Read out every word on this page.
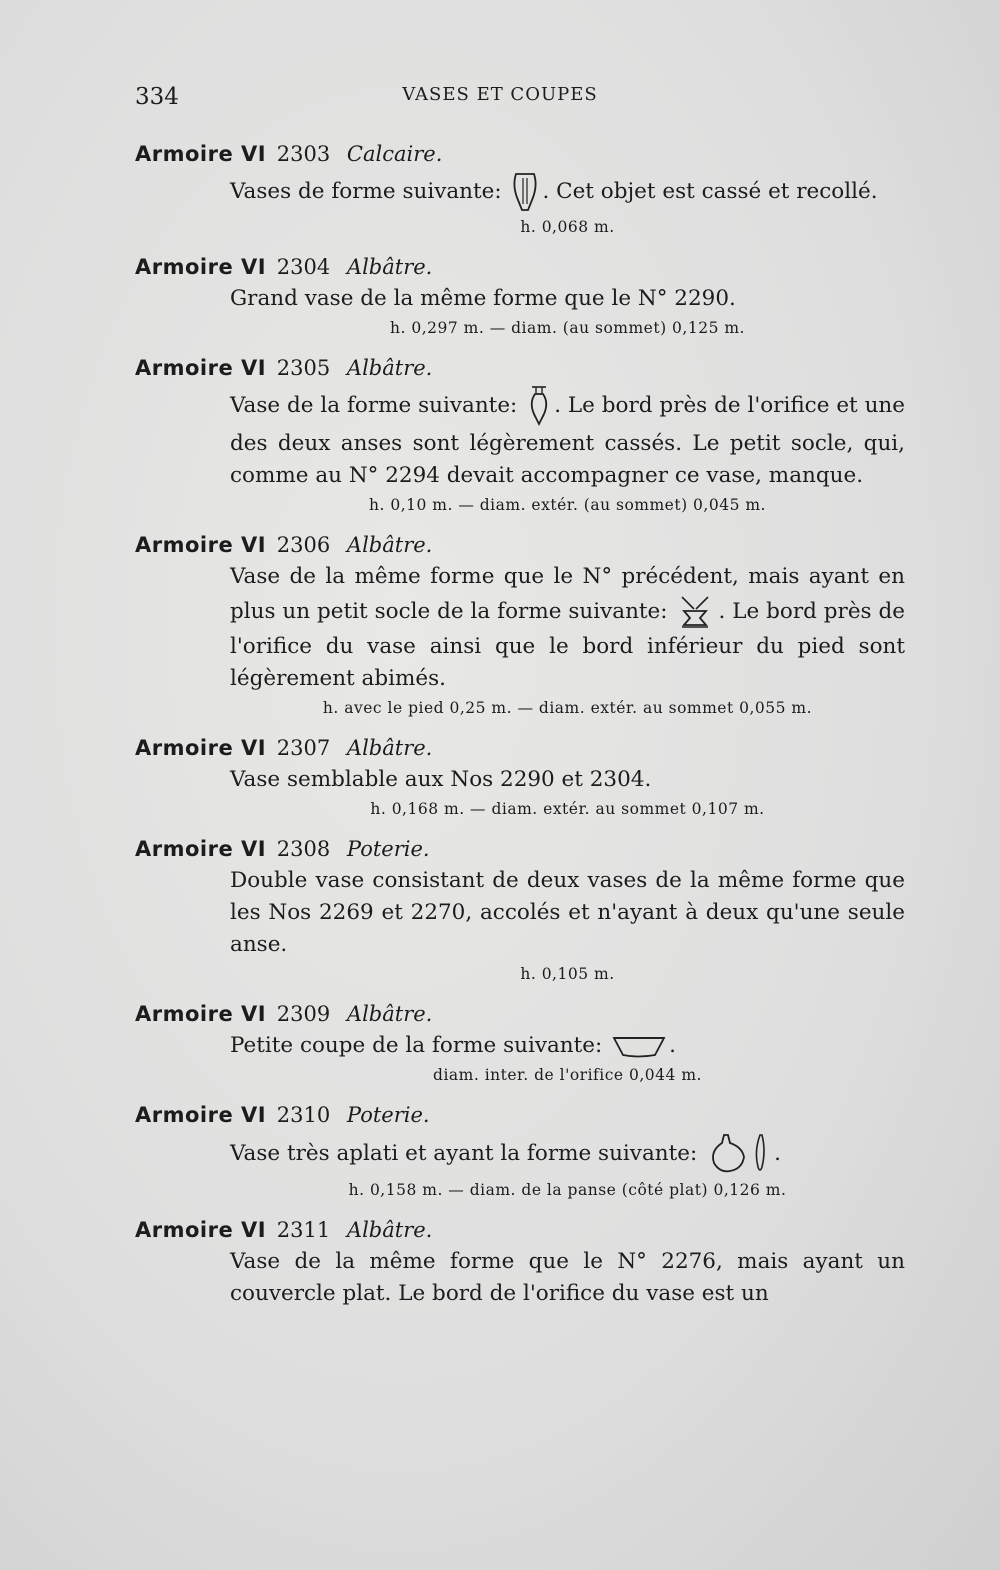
334	VASES ET COUPES
Armoire VI 2303 Calcaire.
Vases de forme suivante: . Cet objet est cassé et recollé.
h. 0,068 m.
Armoire VI 2304 Albâtre.
Grand vase de la même forme que le N° 2290.
h. 0,297 m. — diam. (au sommet) 0,125 m.
Armoire VI 2305 Albâtre.
Vase de la forme suivante: . Le bord près de l'orifice et une des deux anses sont légèrement cassés. Le petit socle, qui, comme au N° 2294 devait accompagner ce vase, manque.
h. 0,10 m. — diam. extér. (au sommet) 0,045 m.
Armoire VI 2306 Albâtre.
Vase de la même forme que le N° précédent, mais ayant en plus un petit socle de la forme suivante: . Le bord près de l'orifice du vase ainsi que le bord inférieur du pied sont légèrement abimés.
h. avec le pied 0,25 m. — diam. extér. au sommet 0,055 m.
Armoire VI 2307 Albâtre.
Vase semblable aux Nos 2290 et 2304.
h. 0,168 m. — diam. extér. au sommet 0,107 m.
Armoire VI 2308 Poterie.
Double vase consistant de deux vases de la même forme que les Nos 2269 et 2270, accolés et n'ayant à deux qu'une seule anse.
h. 0,105 m.
Armoire VI 2309 Albâtre.
Petite coupe de la forme suivante:	.
diam. inter. de l'orifice 0,044 m.
Armoire VI 2310 Poterie.
Vase très aplati et ayant la forme suivante:	.
h. 0,158 m. — diam. de la panse (côté plat) 0,126 m.
Armoire VI 2311 Albâtre.
Vase de la même forme que le N° 2276, mais ayant un couvercle plat. Le bord de l'orifice du vase est un
